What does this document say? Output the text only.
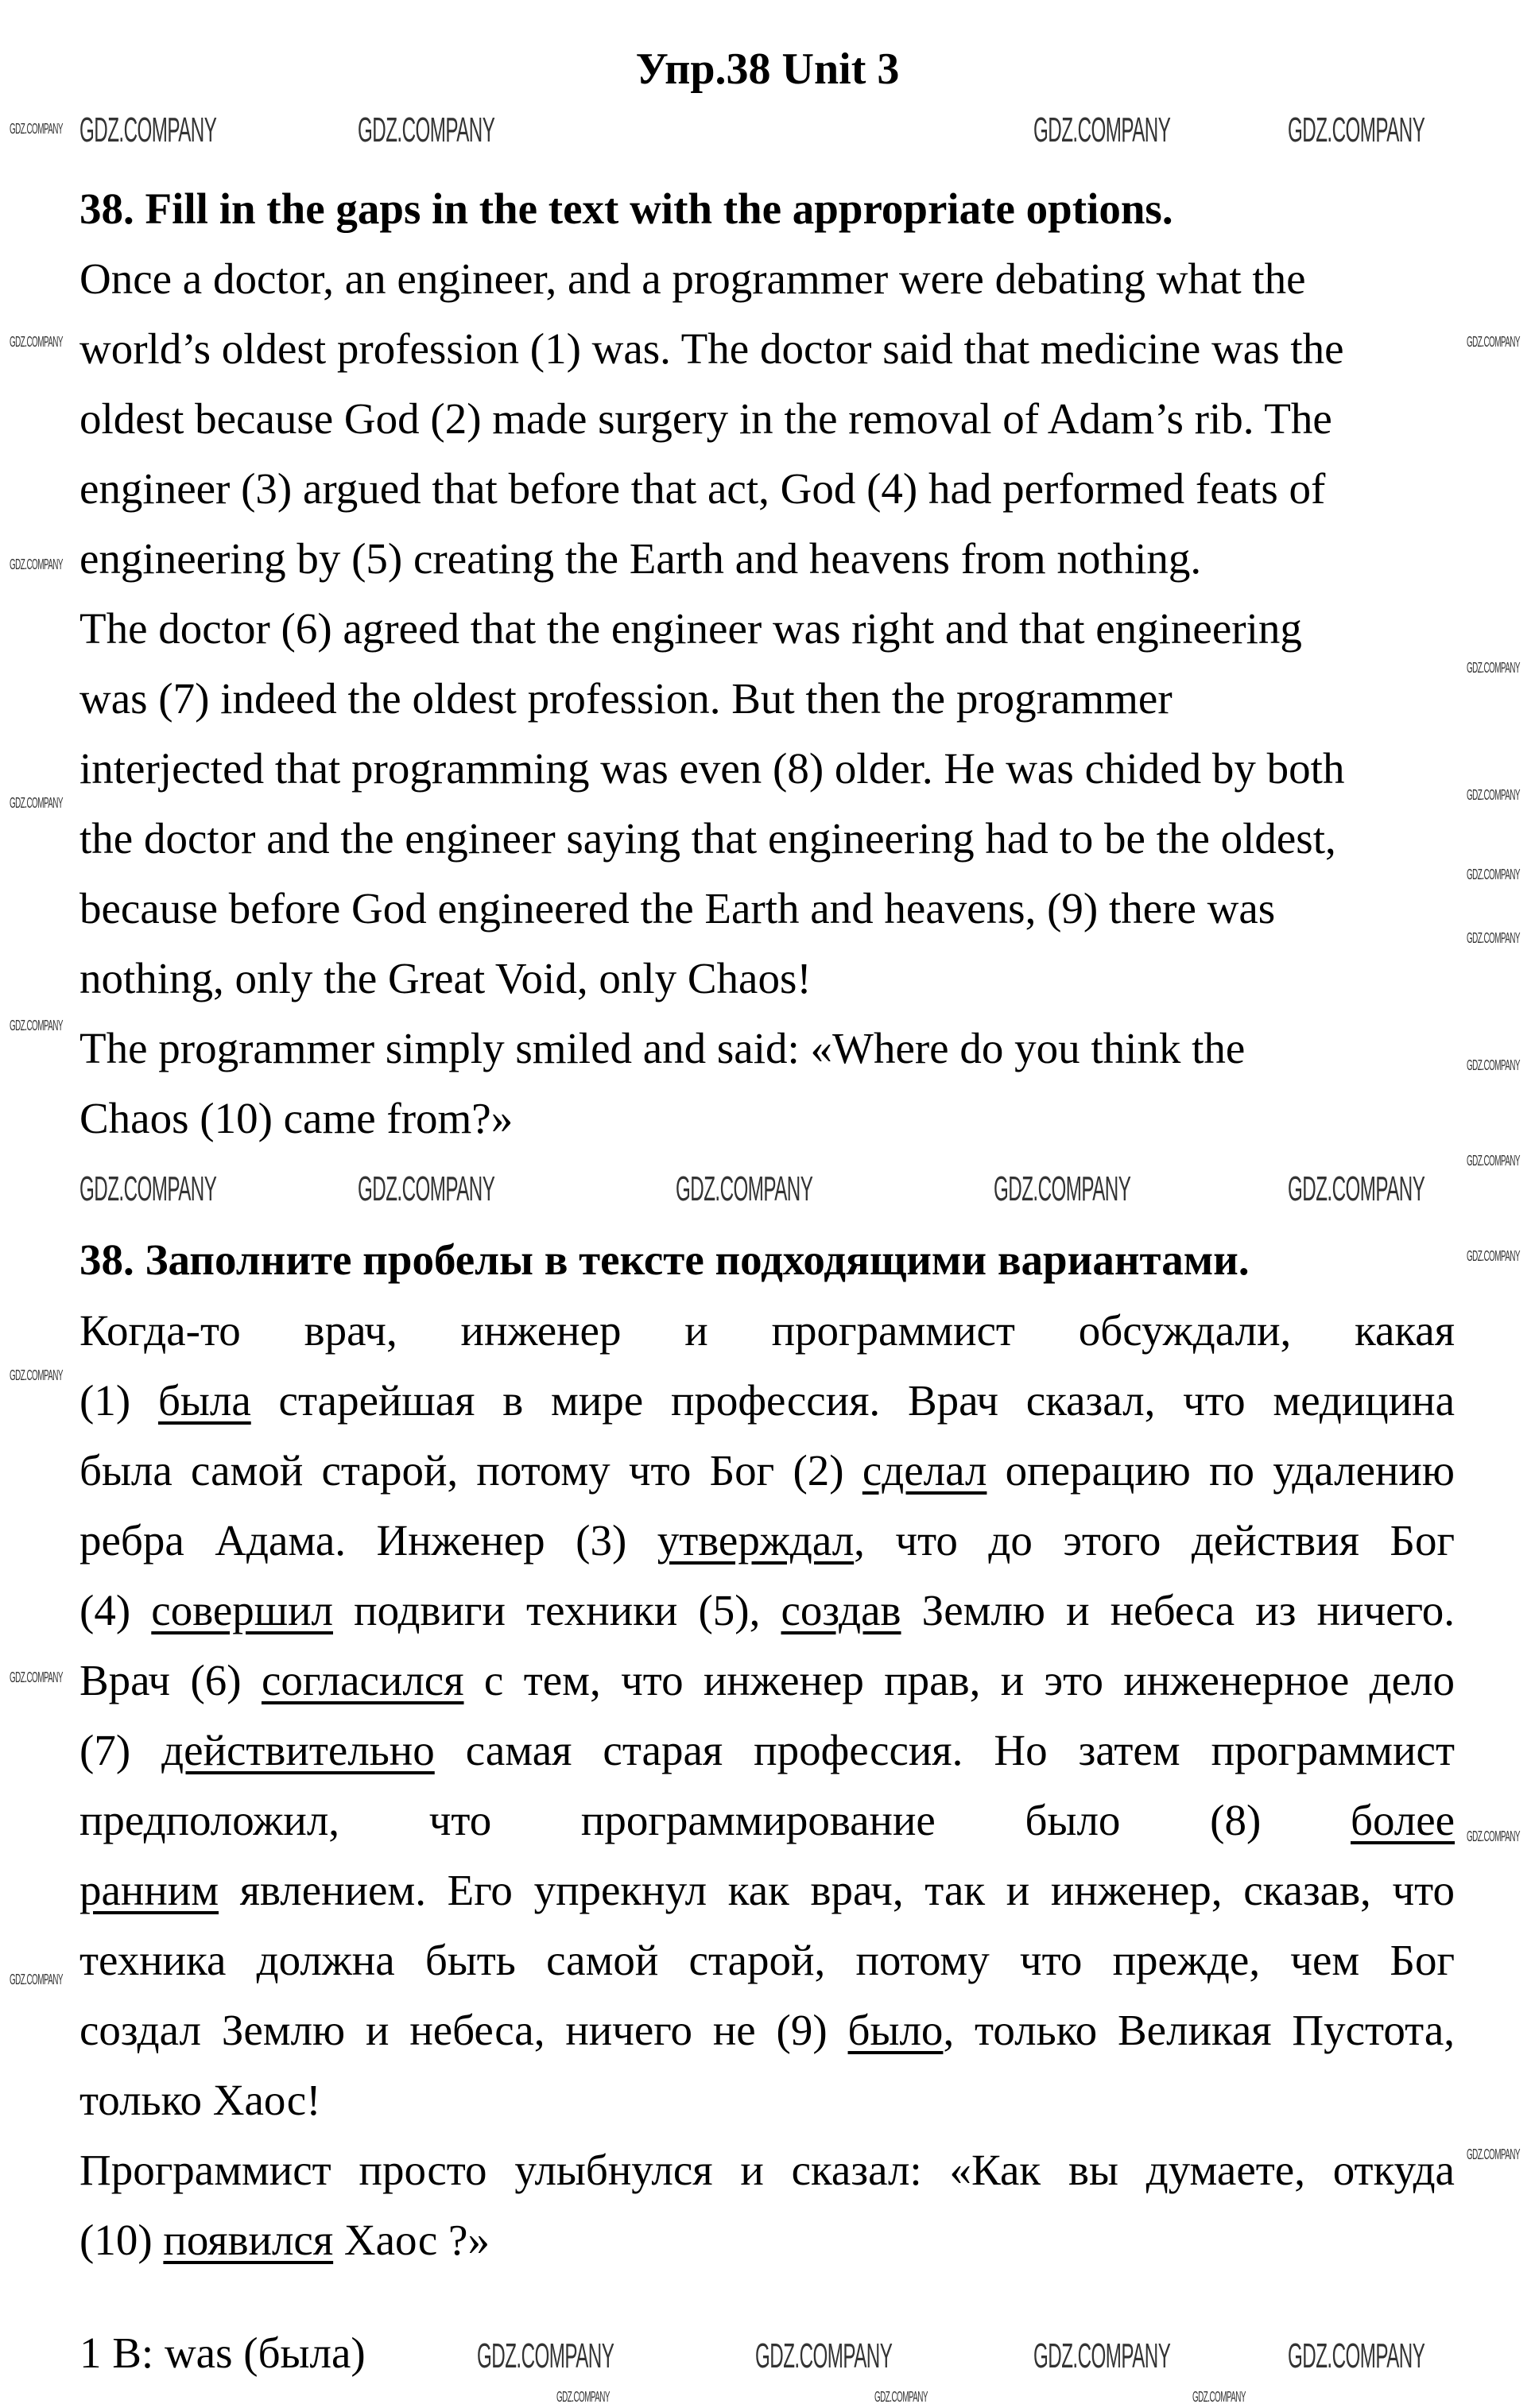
Упр.38 Unit 3
38. Fill in the gaps in the text with the appropriate options.
Once a doctor, an engineer, and a programmer were debating what the
world’s oldest profession (1) was. The doctor said that medicine was the
oldest because God (2) made surgery in the removal of Adam’s rib. The
engineer (3) argued that before that act, God (4) had performed feats of
engineering by (5) creating the Earth and heavens from nothing.
The doctor (6) agreed that the engineer was right and that engineering
was (7) indeed the oldest profession. But then the programmer
interjected that programming was even (8) older. He was chided by both
the doctor and the engineer saying that engineering had to be the oldest,
because before God engineered the Earth and heavens, (9) there was
nothing, only the Great Void, only Chaos!
The programmer simply smiled and said: «Where do you think the
Chaos (10) came from?»
38. Заполните пробелы в тексте подходящими вариантами.
Когда-то врач, инженер и программист обсуждали, какая
(1) была старейшая в мире профессия. Врач сказал, что медицина
была самой старой, потому что Бог (2) сделал операцию по удалению
ребра Адама. Инженер (3) утверждал, что до этого действия Бог
(4) совершил подвиги техники (5), создав Землю и небеса из ничего.
Врач (6) согласился с тем, что инженер прав, и это инженерное дело
(7) действительно самая старая профессия. Но затем программист
предположил, что программирование было (8) более
ранним явлением. Его упрекнул как врач, так и инженер, сказав, что
техника должна быть самой старой, потому что прежде, чем Бог
создал Землю и небеса, ничего не (9) было, только Великая Пустота,
только Хаос!
Программист просто улыбнулся и сказал: «Как вы думаете, откуда
(10) появился Хаос ?»
1 B: was (была)
GDZ.COMPANY	GDZ.COMPANY	GDZ.COMPANY	GDZ.COMPANY
GDZ.COMPANY	GDZ.COMPANY	GDZ.COMPANY	GDZ.COMPANY	GDZ.COMPANY
GDZ.COMPANY	GDZ.COMPANY	GDZ.COMPANY	GDZ.COMPANY
GDZ.COMPANY
GDZ.COMPANY
GDZ.COMPANY
GDZ.COMPANY
GDZ.COMPANY
GDZ.COMPANY
GDZ.COMPANY
GDZ.COMPANY
GDZ.COMPANY
GDZ.COMPANY
GDZ.COMPANY
GDZ.COMPANY
GDZ.COMPANY
GDZ.COMPANY
GDZ.COMPANY
GDZ.COMPANY
GDZ.COMPANY
GDZ.COMPANY
GDZ.COMPANY	GDZ.COMPANY	GDZ.COMPANY
